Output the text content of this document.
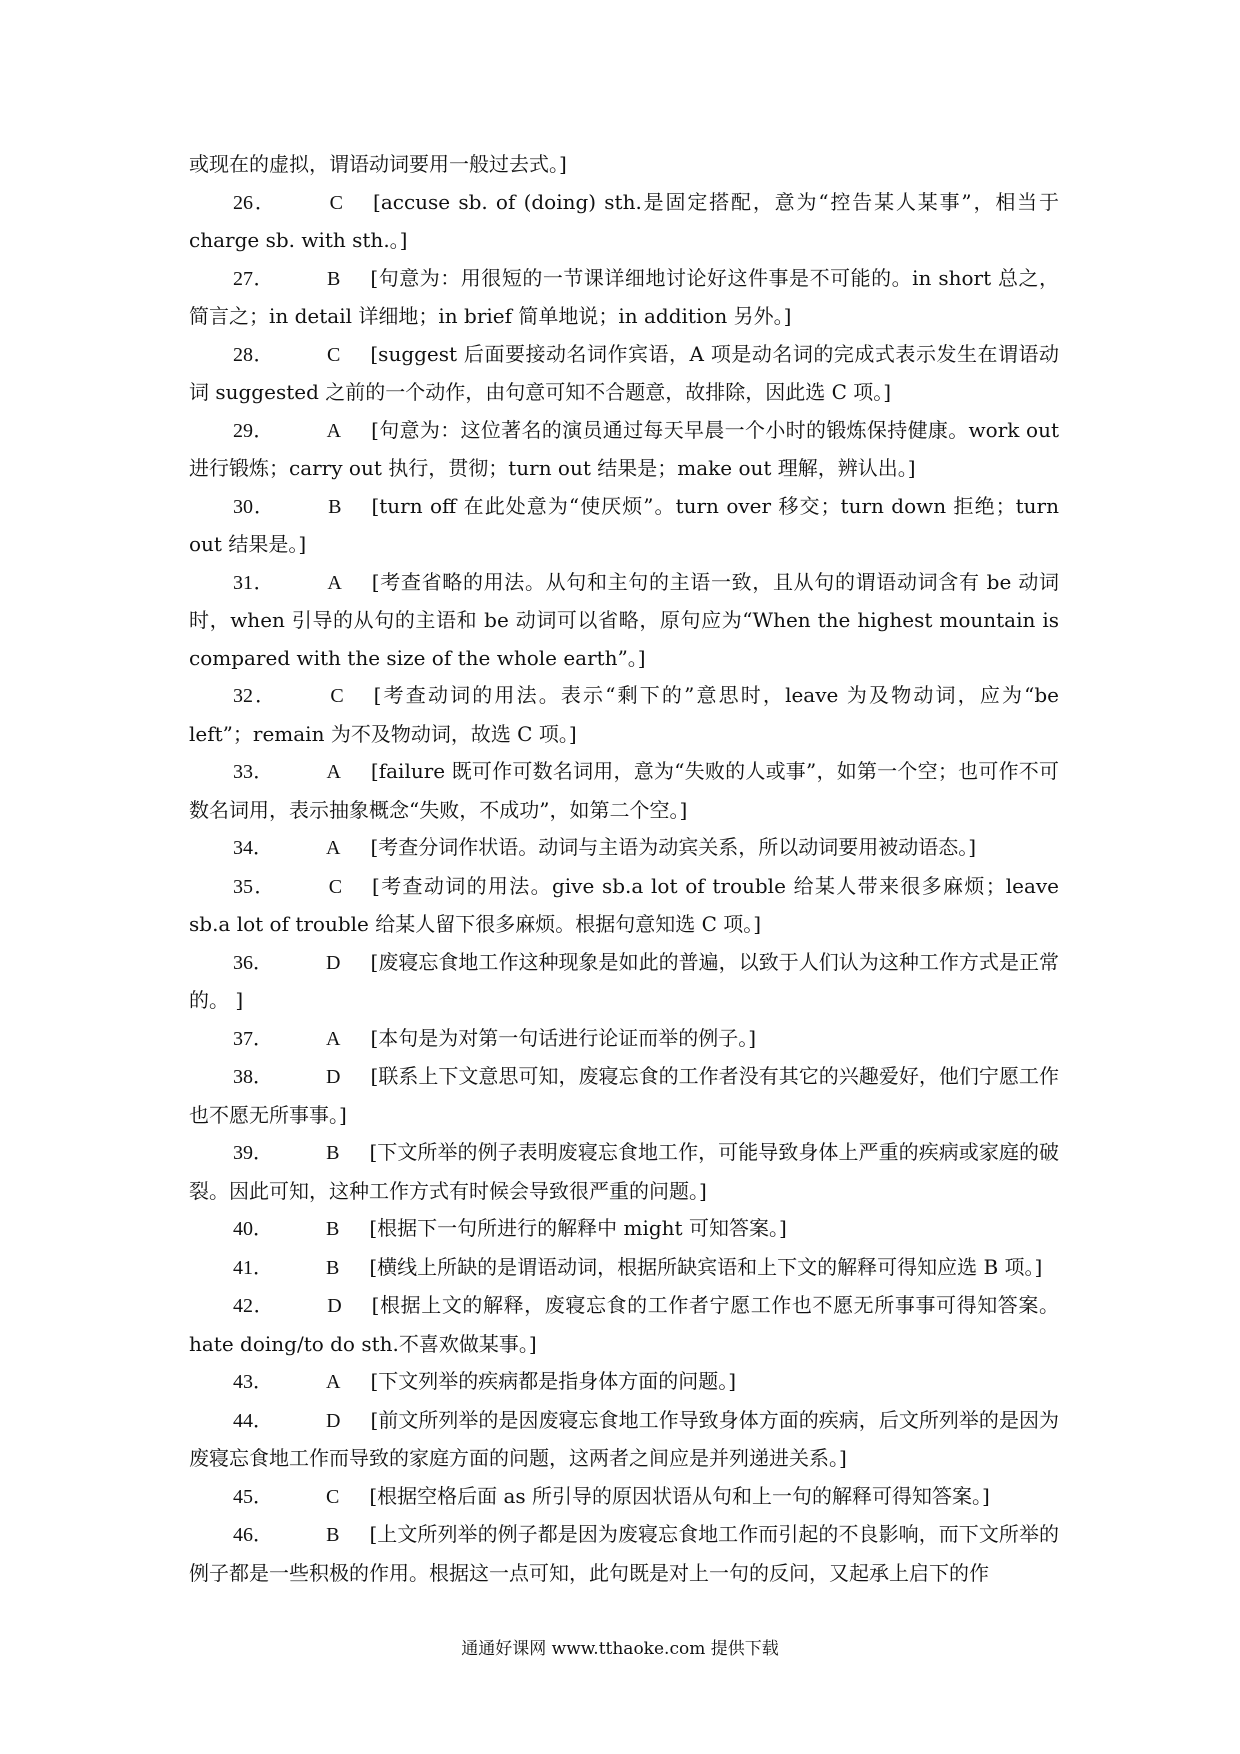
或现在的虚拟，谓语动词要用一般过去式。]

26．	C [accuse sb. of (doing) sth.是固定搭配，意为“控告某人某事”，相当于 charge sb. with sth.。]

27．	B [句意为：用很短的一节课详细地讨论好这件事是不可能的。in short 总之，简言之；in detail 详细地；in brief 简单地说；in addition 另外。]

28．	C [suggest 后面要接动名词作宾语，A 项是动名词的完成式表示发生在谓语动词 suggested 之前的一个动作，由句意可知不合题意，故排除，因此选 C 项。]

29．	A [句意为：这位著名的演员通过每天早晨一个小时的锻炼保持健康。work out 进行锻炼；carry out 执行，贯彻；turn out 结果是；make out 理解，辨认出。]

30．	B [turn off 在此处意为“使厌烦”。turn over 移交；turn down 拒绝；turn out 结果是。]

31．	A [考查省略的用法。从句和主句的主语一致，且从句的谓语动词含有 be 动词时，when 引导的从句的主语和 be 动词可以省略，原句应为“When the highest mountain is compared with the size of the whole earth”。]

32．	C [考查动词的用法。表示“剩下的”意思时，leave 为及物动词，应为“be left”；remain 为不及物动词，故选 C 项。]

33．	A [failure 既可作可数名词用，意为“失败的人或事”，如第一个空；也可作不可数名词用，表示抽象概念“失败，不成功”，如第二个空。]

34．	A [考查分词作状语。动词与主语为动宾关系，所以动词要用被动语态。]

35．	C [考查动词的用法。give sb.a lot of trouble 给某人带来很多麻烦；leave sb.a lot of trouble 给某人留下很多麻烦。根据句意知选 C 项。]

36．	D [废寝忘食地工作这种现象是如此的普遍，以致于人们认为这种工作方式是正常的。 ]

37．	A [本句是为对第一句话进行论证而举的例子。]

38．	D [联系上下文意思可知，废寝忘食的工作者没有其它的兴趣爱好，他们宁愿工作也不愿无所事事。]

39．	B [下文所举的例子表明废寝忘食地工作，可能导致身体上严重的疾病或家庭的破裂。因此可知，这种工作方式有时候会导致很严重的问题。]

40．	B [根据下一句所进行的解释中 might 可知答案。]

41．	B [横线上所缺的是谓语动词，根据所缺宾语和上下文的解释可得知应选 B 项。]

42．	D [根据上文的解释，废寝忘食的工作者宁愿工作也不愿无所事事可得知答案。hate doing/to do sth.不喜欢做某事。]

43．	A [下文列举的疾病都是指身体方面的问题。]

44．	D [前文所列举的是因废寝忘食地工作导致身体方面的疾病，后文所列举的是因为废寝忘食地工作而导致的家庭方面的问题，这两者之间应是并列递进关系。]

45．	C [根据空格后面 as 所引导的原因状语从句和上一句的解释可得知答案。]

46．	B [上文所列举的例子都是因为废寝忘食地工作而引起的不良影响，而下文所举的例子都是一些积极的作用。根据这一点可知，此句既是对上一句的反问，又起承上启下的作

通通好课网 www.tthaoke.com 提供下载
